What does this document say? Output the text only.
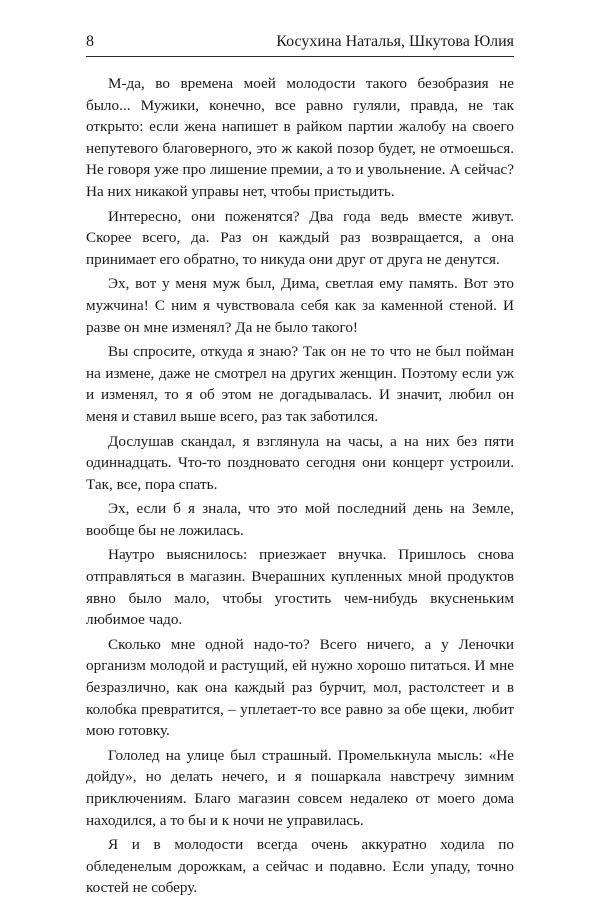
8	Косухина Наталья, Шкутова Юлия

М-да, во времена моей молодости такого безобразия не было... Мужики, конечно, все равно гуляли, правда, не так открыто: если жена напишет в райком партии жалобу на своего непутевого благоверного, это ж какой позор будет, не отмоешься. Не говоря уже про лишение премии, а то и увольнение. А сейчас? На них никакой управы нет, чтобы пристыдить.

Интересно, они поженятся? Два года ведь вместе живут. Скорее всего, да. Раз он каждый раз возвращается, а она принимает его обратно, то никуда они друг от друга не денутся.

Эх, вот у меня муж был, Дима, светлая ему память. Вот это мужчина! С ним я чувствовала себя как за каменной стеной. И разве он мне изменял? Да не было такого!

Вы спросите, откуда я знаю? Так он не то что не был пойман на измене, даже не смотрел на других женщин. Поэтому если уж и изменял, то я об этом не догадывалась. И значит, любил он меня и ставил выше всего, раз так заботился.

Дослушав скандал, я взглянула на часы, а на них без пяти одиннадцать. Что-то поздновато сегодня они концерт устроили. Так, все, пора спать.

Эх, если б я знала, что это мой последний день на Земле, вообще бы не ложилась.

Наутро выяснилось: приезжает внучка. Пришлось снова отправляться в магазин. Вчерашних купленных мной продуктов явно было мало, чтобы угостить чем-нибудь вкусненьким любимое чадо.

Сколько мне одной надо-то? Всего ничего, а у Леночки организм молодой и растущий, ей нужно хорошо питаться. И мне безразлично, как она каждый раз бурчит, мол, растолстеет и в колобка превратится, – уплетает-то все равно за обе щеки, любит мою готовку.

Гололед на улице был страшный. Промелькнула мысль: «Не дойду», но делать нечего, и я пошаркала навстречу зимним приключениям. Благо магазин совсем недалеко от моего дома находился, а то бы и к ночи не управилась.

Я и в молодости всегда очень аккуратно ходила по обледенелым дорожкам, а сейчас и подавно. Если упаду, точно костей не соберу.
